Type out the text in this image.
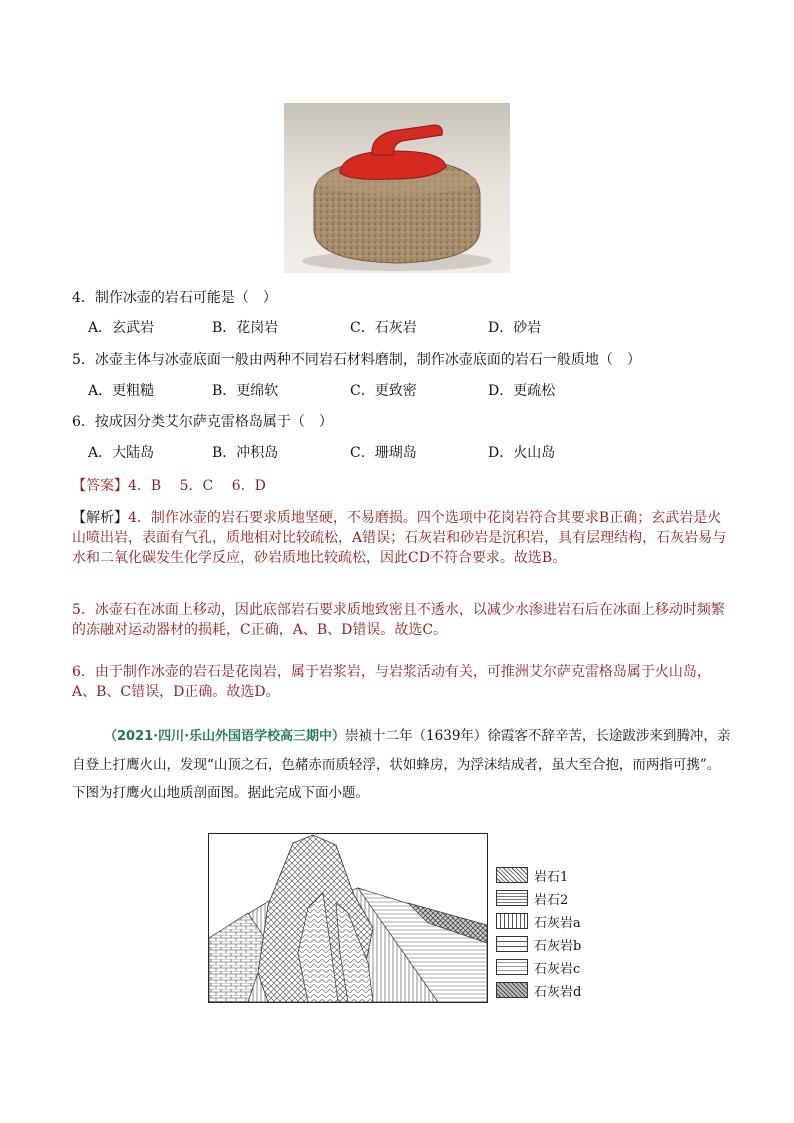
4．制作冰壶的岩石可能是（　）
A．玄武岩	B．花岗岩	C．石灰岩	D．砂岩
5．冰壶主体与冰壶底面一般由两种不同岩石材料磨制，制作冰壶底面的岩石一般质地（　）
A．更粗糙	B．更绵软	C．更致密	D．更疏松
6．按成因分类艾尔萨克雷格岛属于（　）
A．大陆岛	B．冲积岛	C．珊瑚岛	D．火山岛
【答案】4．B　 5．C　 6．D
【解析】4．制作冰壶的岩石要求质地坚硬，不易磨损。四个选项中花岗岩符合其要求B正确；玄武岩是火山喷出岩，表面有气孔，质地相对比较疏松，A错误；石灰岩和砂岩是沉积岩，具有层理结构，石灰岩易与水和二氧化碳发生化学反应，砂岩质地比较疏松，因此CD不符合要求。故选B。
5．冰壶石在冰面上移动，因此底部岩石要求质地致密且不透水，以减少水渗进岩石后在冰面上移动时频繁的冻融对运动器材的损耗，C正确，A、B、D错误。故选C。
6．由于制作冰壶的岩石是花岗岩，属于岩浆岩，与岩浆活动有关，可推洲艾尔萨克雷格岛属于火山岛，A、B、C错误，D正确。故选D。
（2021·四川·乐山外国语学校高三期中）崇祯十二年（1639年）徐霞客不辞辛苦，长途跋涉来到腾冲，亲自登上打鹰火山，发现“山顶之石，色赭赤而质轻浮，状如蜂房，为浮沫结成者，虽大至合抱，而两指可携”。下图为打鹰火山地质剖面图。据此完成下面小题。
岩石1
岩石2
石灰岩a
石灰岩b
石灰岩c
石灰岩d
